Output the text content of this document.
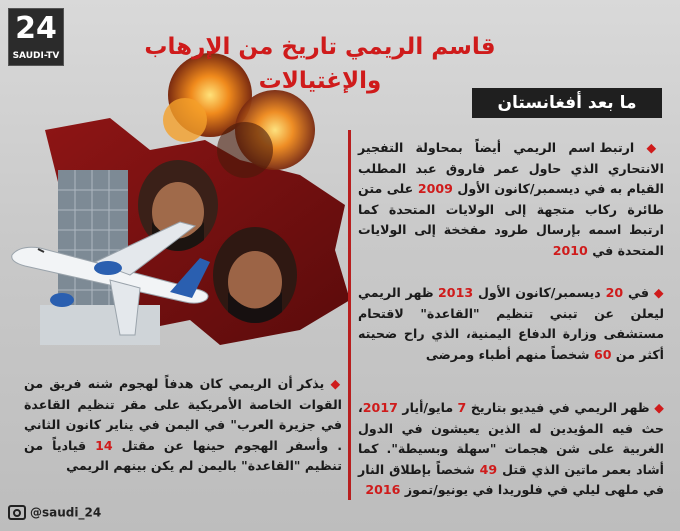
24
SAUDI-TV	قاسم الريمي تاريخ من الإرهاب والإغتيالات
ما بعد أفغانستان
◆ ارتبط اسم الريمي أيضاً بمحاولة التفجير الانتحاري الذي حاول عمر فاروق عبد المطلب القيام به في ديسمبر/كانون الأول 2009 على متن طائرة ركاب متجهة إلى الولايات المتحدة كما ارتبط اسمه بإرسال طرود مفخخة إلى الولايات المتحدة في 2010
◆ في 20 ديسمبر/كانون الأول 2013 ظهر الريمي ليعلن عن تبني تنظيم "القاعدة" لاقتحام مستشفى وزارة الدفاع اليمنية، الذي راح ضحيته أكثر من 60 شخصاً منهم أطباء ومرضى
◆ ظهر الريمي في فيديو بتاريخ 7 مايو/أيار 2017، حث فيه المؤيدين له الذين يعيشون في الدول الغربية على شن هجمات "سهلة وبسيطة". كما أشاد بعمر ماتين الذي قتل 49 شخصاً بإطلاق النار في ملهى ليلي في فلوريدا في يونيو/تموز 2016
◆ يذكر أن الريمي كان هدفاً لهجوم شنه فريق من القوات الخاصة الأمريكية على مقر تنظيم القاعدة في جزيرة العرب" في اليمن في يناير كانون الثاني . وأسفر الهجوم حينها عن مقتل 14 قيادياً من تنظيم "القاعدة" باليمن لم يكن بينهم الريمي
@saudi_24
